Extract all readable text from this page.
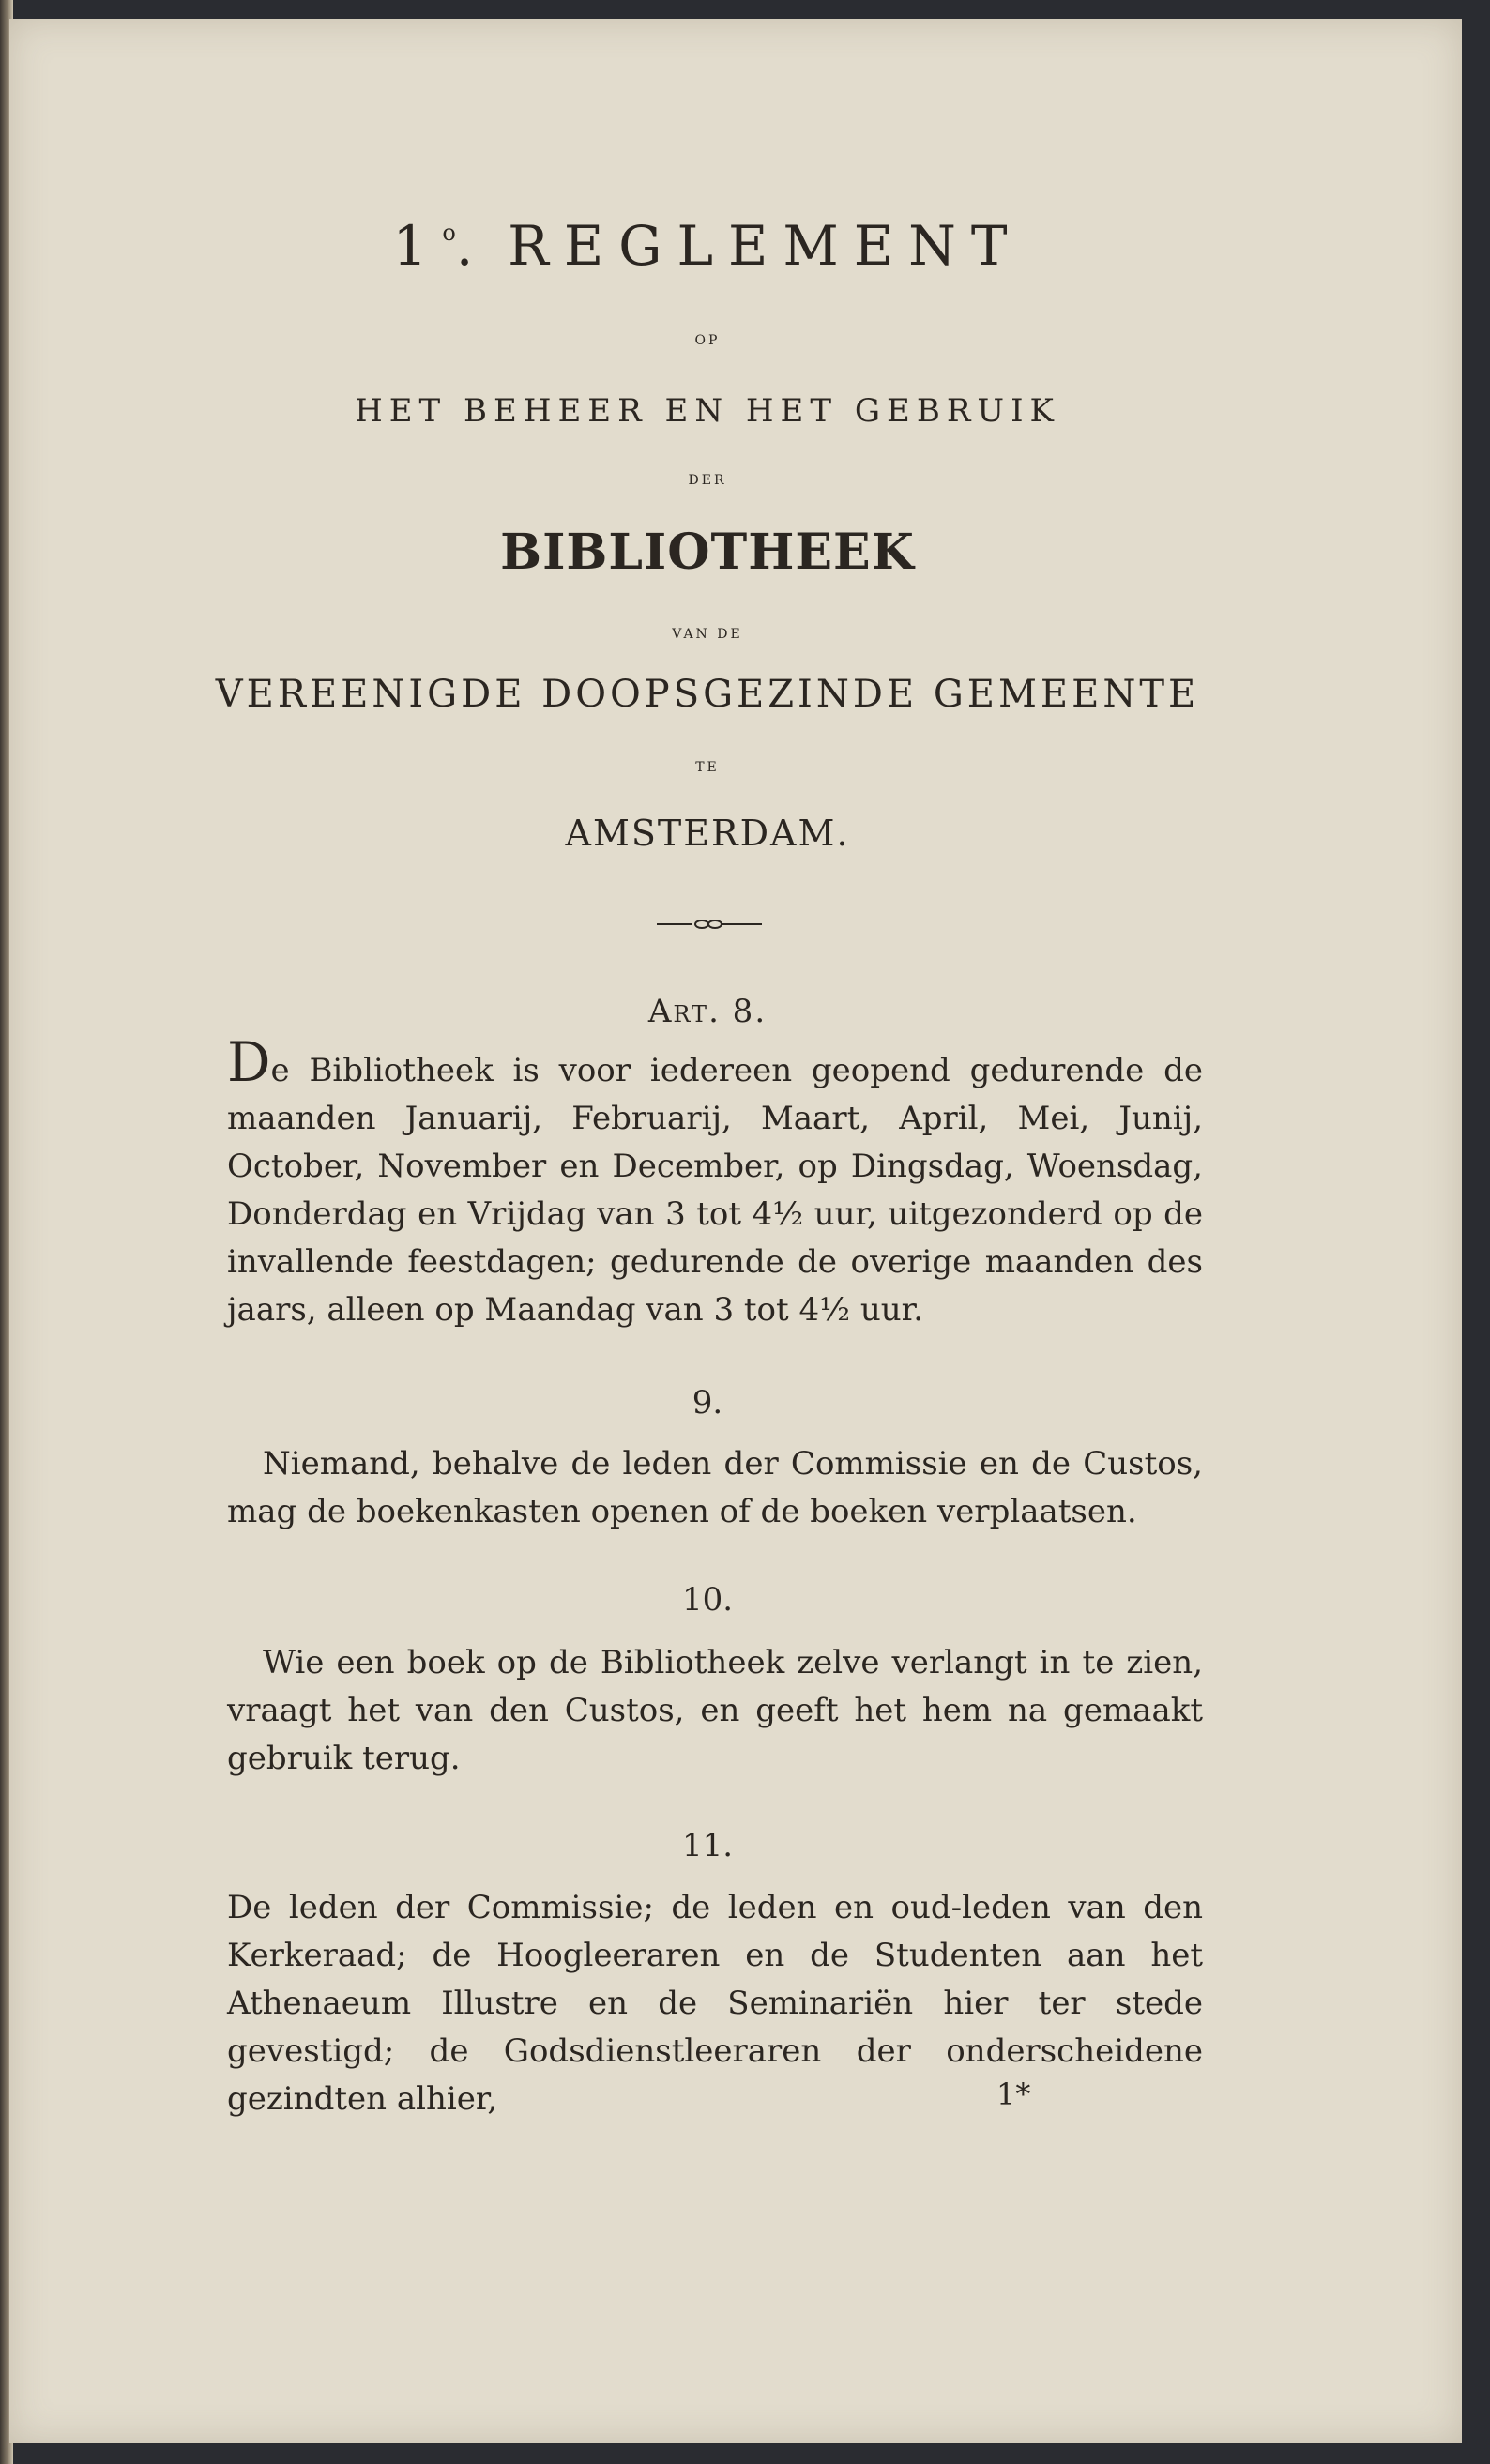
1$^o$.  REGLEMENT
OP
HET BEHEER EN HET GEBRUIK
DER
BIBLIOTHEEK
VAN DE
VEREENIGDE DOOPSGEZINDE GEMEENTE
TE
AMSTERDAM.
Art. 8.
De Bibliotheek is voor iedereen geopend gedurende de maanden Januarij, Februarij, Maart, April, Mei, Junij, October, November en December, op Dingsdag, Woensdag, Donderdag en Vrijdag van 3 tot 4½ uur, uitgezonderd op de invallende feestdagen; gedurende de overige maanden des jaars, alleen op Maandag van 3 tot 4½ uur.
9.
Niemand, behalve de leden der Commissie en de Custos, mag de boekenkasten openen of de boeken verplaatsen.
10.
Wie een boek op de Bibliotheek zelve verlangt in te zien, vraagt het van den Custos, en geeft het hem na gemaakt gebruik terug.
11.
De leden der Commissie; de leden en oud-leden van den Kerkeraad; de Hoogleeraren en de Studenten aan het Athenaeum Illustre en de Seminariën hier ter stede gevestigd; de Godsdienstleeraren der onderscheidene gezindten alhier,	1*
